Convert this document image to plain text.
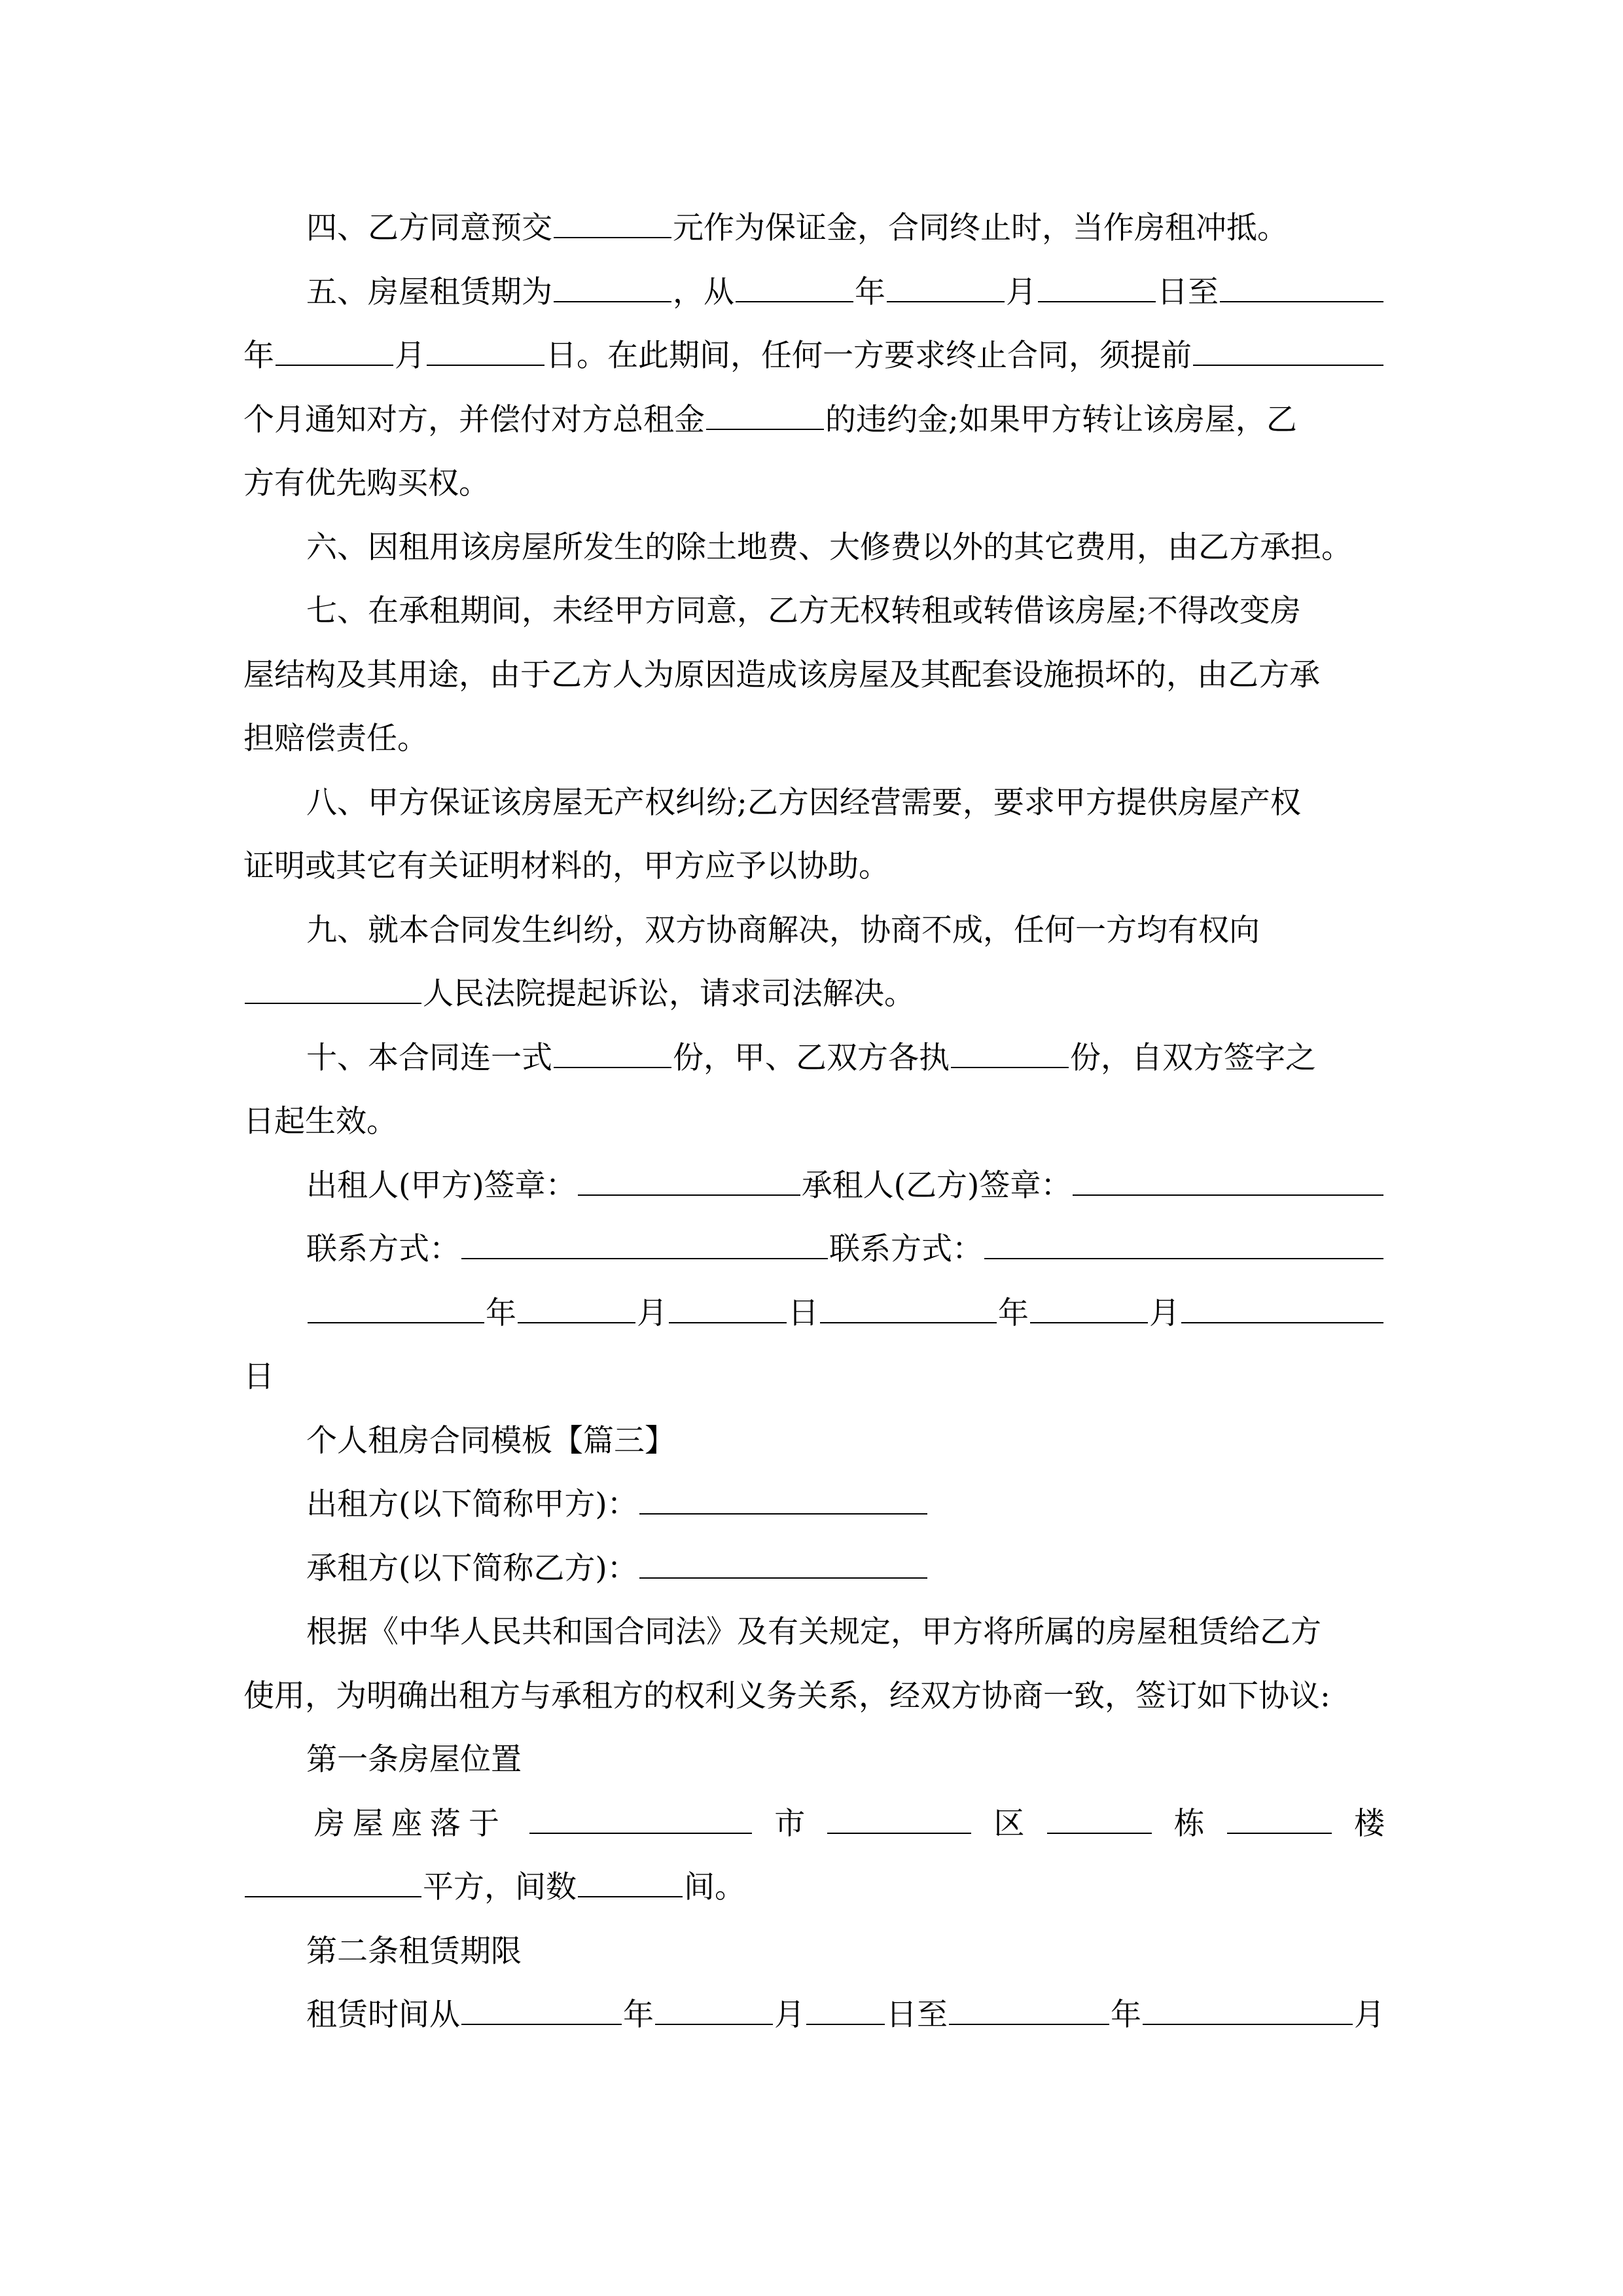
四、乙方同意预交	元作为保证金，合同终止时，当作房租冲抵。
五、房屋租赁期为	，从	年	月	日至
年	月	日。在此期间，任何一方要求终止合同，须提前
个月通知对方，并偿付对方总租金	的违约金;如果甲方转让该房屋，乙
方有优先购买权。
六、因租用该房屋所发生的除土地费、大修费以外的其它费用，由乙方承担。
七、在承租期间，未经甲方同意，乙方无权转租或转借该房屋;不得改变房
屋结构及其用途，由于乙方人为原因造成该房屋及其配套设施损坏的，由乙方承
担赔偿责任。
八、甲方保证该房屋无产权纠纷;乙方因经营需要，要求甲方提供房屋产权
证明或其它有关证明材料的，甲方应予以协助。
九、就本合同发生纠纷，双方协商解决，协商不成，任何一方均有权向
人民法院提起诉讼，请求司法解决。
十、本合同连一式	份，甲、乙双方各执	份，自双方签字之
日起生效。
出租人(甲方)签章：	承租人(乙方)签章：
联系方式：	联系方式：
年	月	日	年	月
日
个人租房合同模板【篇三】
出租方(以下简称甲方)：
承租方(以下简称乙方)：
根据《中华人民共和国合同法》及有关规定，甲方将所属的房屋租赁给乙方
使用，为明确出租方与承租方的权利义务关系，经双方协商一致，签订如下协议:
第一条房屋位置
房屋座落于	市	区	栋	楼
平方，间数	间。
第二条租赁期限
租赁时间从	年	月	日至	年	月
